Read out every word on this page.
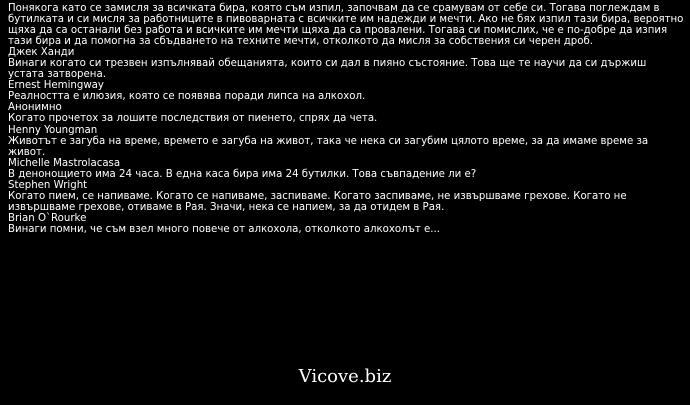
Понякога като се замисля за всичката бира, която съм изпил, започвам да се срамувам от себе си. Тогава поглеждам в бутилката и си мисля за работниците в пивоварната с всичките им надежди и мечти. Ако не бях изпил тази бира, вероятно щяха да са останали без работа и всичките им мечти щяха да са провалени. Тогава си помислих, че е по-добре да изпия тази бира и да помогна за сбъдването на техните мечти, отколкото да мисля за собствения си черен дроб.

Джек Ханди

Винаги когато си трезвен изпълнявай обещанията, които си дал в пияно състояние. Това ще те научи да си държиш устата затворена.

Ernest Hemingway

Реалността е илюзия, която се появява поради липса на алкохол.

Анонимно

Когато прочетох за лошите последствия от пиенето, спрях да чета.

Henny Youngman

Животът е загуба на време, времето е загуба на живот, така че нека си загубим цялото време, за да имаме време за живот.

Michelle Mastrolacasa

В денонощието има 24 часа. В една каса бира има 24 бутилки. Това съвпадение ли е?

Stephen Wright

Когато пием, се напиваме. Когато се напиваме, заспиваме. Когато заспиваме, не извършваме грехове. Когато не извършваме грехове, отиваме в Рая. Значи, нека се напием, за да отидем в Рая.

Brian O`Rourke

Винаги помни, че съм взел много повече от алкохола, отколкото алкохолът е...

Vicove.biz
